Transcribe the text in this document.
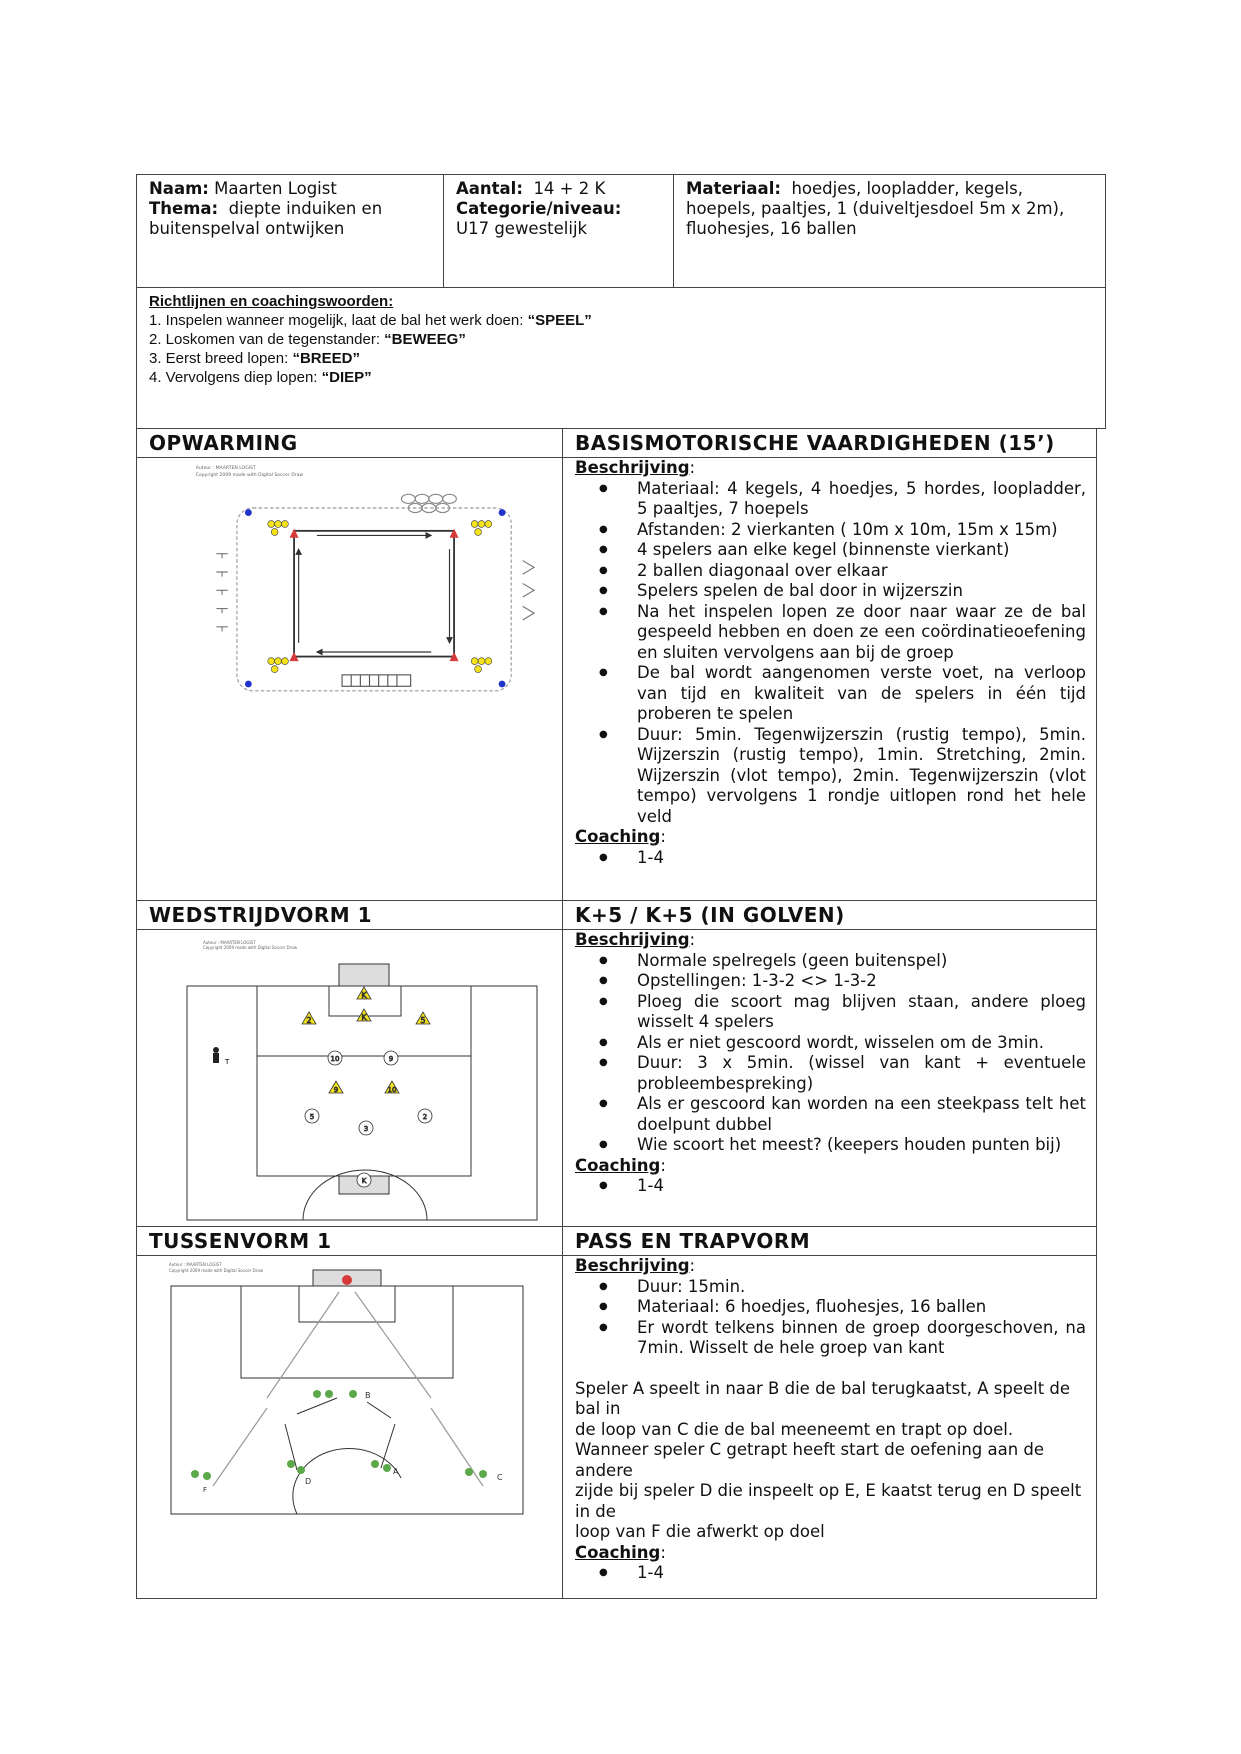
Naam: Maarten Logist
Thema: diepte induiken en
buitenspelval ontwijken
Aantal: 14 + 2 K
Categorie/niveau:
U17 gewestelijk
Materiaal: hoedjes, loopladder, kegels,
hoepels, paaltjes, 1 (duiveltjesdoel 5m x 2m),
fluohesjes, 16 ballen
Richtlijnen en coachingswoorden:
1. Inspelen wanneer mogelijk, laat de bal het werk doen: “SPEEL”
2. Loskomen van de tegenstander: “BEWEEG”
3. Eerst breed lopen: “BREED”
4. Vervolgens diep lopen: “DIEP”
OPWARMING	BASISMOTORISCHE VAARDIGHEDEN (15’)
Auteur : MAARTEN LOGIST
Copyright 2009 made with Digital Soccer Draw	Beschrijving:
● Materiaal: 4 kegels, 4 hoedjes, 5 hordes, loopladder, 5 paaltjes, 7 hoepels
● Afstanden: 2 vierkanten ( 10m x 10m, 15m x 15m)
● 4 spelers aan elke kegel (binnenste vierkant)
● 2 ballen diagonaal over elkaar
● Spelers spelen de bal door in wijzerszin
● Na het inspelen lopen ze door naar waar ze de bal gespeeld hebben en doen ze een coördinatieoefening en sluiten vervolgens aan bij de groep
● De bal wordt aangenomen verste voet, na verloop van tijd en kwaliteit van de spelers in één tijd proberen te spelen
● Duur: 5min. Tegenwijzerszin (rustig tempo), 5min. Wijzerszin (rustig tempo), 1min. Stretching, 2min. Wijzerszin (vlot tempo), 2min. Tegenwijzerszin (vlot tempo) vervolgens 1 rondje uitlopen rond het hele veld
Coaching:
● 1-4
WEDSTRIJDVORM 1	K+5 / K+5 (IN GOLVEN)
Auteur : MAARTEN LOGIST
Copyright 2009 made with Digital Soccer Draw
K
K
2	5
10	9
9	10
5
3
2
K
T
Beschrijving:
● Normale spelregels (geen buitenspel)
● Opstellingen: 1-3-2 <> 1-3-2
● Ploeg die scoort mag blijven staan, andere ploeg wisselt 4 spelers
● Als er niet gescoord wordt, wisselen om de 3min.
● Duur: 3 x 5min. (wissel van kant + eventuele probleembespreking)
● Als er gescoord kan worden na een steekpass telt het doelpunt dubbel
● Wie scoort het meest? (keepers houden punten bij)
Coaching:
● 1-4
TUSSENVORM 1	PASS EN TRAPVORM
Auteur : MAARTEN LOGIST
Copyright 2009 made with Digital Soccer Draw
B
D
A
F
C
Beschrijving:
● Duur: 15min.
● Materiaal: 6 hoedjes, fluohesjes, 16 ballen
● Er wordt telkens binnen de groep doorgeschoven, na 7min. Wisselt de hele groep van kant
Speler A speelt in naar B die de bal terugkaatst, A speelt de bal in
de loop van C die de bal meeneemt en trapt op doel.
Wanneer speler C getrapt heeft start de oefening aan de andere
zijde bij speler D die inspeelt op E, E kaatst terug en D speelt in de
loop van F die afwerkt op doel
Coaching:
● 1-4
